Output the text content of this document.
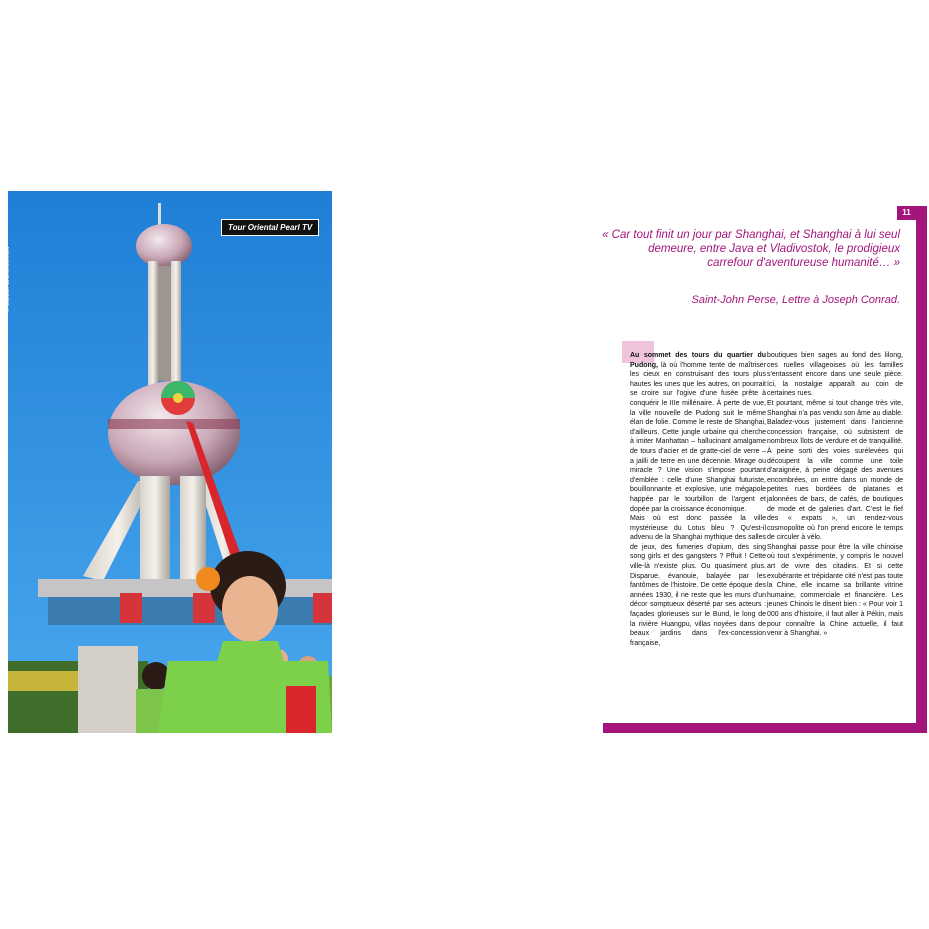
Tour Oriental Pearl TV
© Barbier Bruno/hemis.fr
11
« Car tout finit un jour par Shanghai, et Shanghai à lui seul demeure, entre Java et Vladivostok, le prodigieux carrefour d'aventureuse humanité… »
Saint-John Perse, Lettre à Joseph Conrad.

Au sommet des tours du quartier du Pudong, là où l'homme tente de maîtriser les cieux en construisant des tours plus hautes les unes que les autres, on pourrait se croire sur l'ogive d'une fusée prête à conquérir le IIIe millénaire. À perte de vue, la ville nouvelle de Pudong suit le même élan de folie. Comme le reste de Shanghai, d'ailleurs. Cette jungle urbaine qui cherche à imiter Manhattan – hallucinant amalgame de tours d'acier et de gratte-ciel de verre – a jailli de terre en une décennie. Mirage ou miracle ? Une vision s'impose pourtant d'emblée : celle d'une Shanghai futuriste, bouillonnante et explosive, une mégapole happée par le tourbillon de l'argent et dopée par la croissance économique.

Mais où est donc passée la ville mystérieuse du Lotus bleu ? Qu'est-il advenu de la Shanghai mythique des salles de jeux, des fumeries d'opium, des sing song girls et des gangsters ? Pffuit ! Cette ville-là n'existe plus. Ou quasiment plus. Disparue, évanouie, balayée par les fantômes de l'histoire. De cette époque des années 1930, il ne reste que les murs d'un décor somptueux déserté par ses acteurs : façades glorieuses sur le Bund, le long de la rivière Huangpu, villas noyées dans de beaux jardins dans l'ex-concession française,

boutiques bien sages au fond des lilong, ces ruelles villageoises où les familles s'entassent encore dans une seule pièce. Ici, la nostalgie apparaît au coin de certaines rues.

Et pourtant, même si tout change très vite, Shanghai n'a pas vendu son âme au diable. Baladez-vous justement dans l'ancienne concession française, où subsistent de nombreux îlots de verdure et de tranquillité. À peine sorti des voies surélevées qui découpent la ville comme une toile d'araignée, à peine dégagé des avenues encombrées, on entre dans un monde de petites rues bordées de platanes et jalonnées de bars, de cafés, de boutiques de mode et de galeries d'art. C'est le fief des « expats », un rendez-vous cosmopolite où l'on prend encore le temps de circuler à vélo.

Shanghai passe pour être la ville chinoise où tout s'expérimente, y compris le nouvel art de vivre des citadins. Et si cette exubérante et trépidante cité n'est pas toute la Chine, elle incarne sa brillante vitrine humaine, commerciale et financière. Les jeunes Chinois le disent bien : « Pour voir 1 000 ans d'histoire, il faut aller à Pékin, mais pour connaître la Chine actuelle, il faut venir à Shanghai. »
